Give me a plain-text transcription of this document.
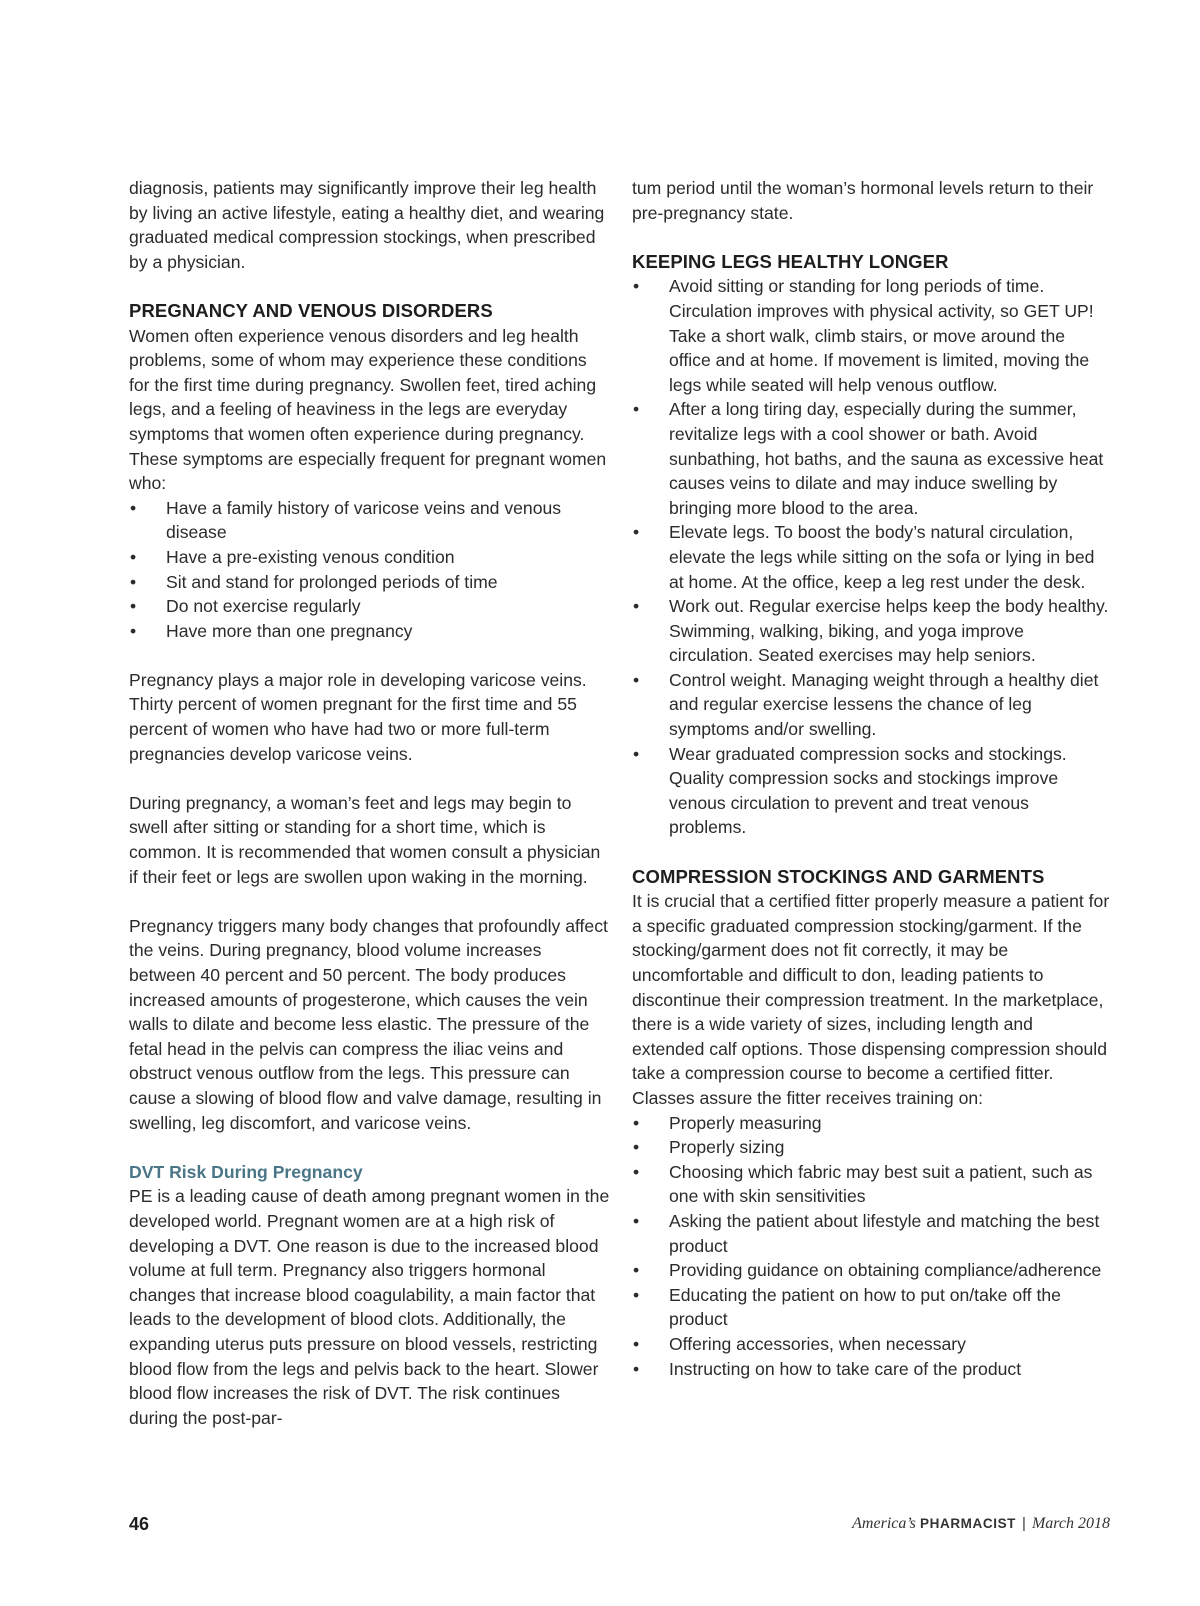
diagnosis, patients may significantly improve their leg health by living an active lifestyle, eating a healthy diet, and wearing graduated medical compression stockings, when prescribed by a physician.

PREGNANCY AND VENOUS DISORDERS

Women often experience venous disorders and leg health problems, some of whom may experience these conditions for the first time during pregnancy. Swollen feet, tired aching legs, and a feeling of heaviness in the legs are everyday symptoms that women often experience during pregnancy. These symptoms are especially frequent for pregnant women who:

• Have a family history of varicose veins and venous disease
• Have a pre-existing venous condition
• Sit and stand for prolonged periods of time
• Do not exercise regularly
• Have more than one pregnancy

Pregnancy plays a major role in developing varicose veins. Thirty percent of women pregnant for the first time and 55 percent of women who have had two or more full-term pregnancies develop varicose veins.

During pregnancy, a woman’s feet and legs may begin to swell after sitting or standing for a short time, which is common. It is recommended that women consult a physician if their feet or legs are swollen upon waking in the morning.

Pregnancy triggers many body changes that profoundly affect the veins. During pregnancy, blood volume increases between 40 percent and 50 percent. The body produces increased amounts of progesterone, which causes the vein walls to dilate and become less elastic. The pressure of the fetal head in the pelvis can compress the iliac veins and obstruct venous outflow from the legs. This pressure can cause a slowing of blood flow and valve damage, resulting in swelling, leg discomfort, and varicose veins.

DVT Risk During Pregnancy

PE is a leading cause of death among pregnant women in the developed world. Pregnant women are at a high risk of developing a DVT. One reason is due to the increased blood volume at full term. Pregnancy also triggers hormonal changes that increase blood coagulability, a main factor that leads to the development of blood clots. Additionally, the expanding uterus puts pressure on blood vessels, restricting blood flow from the legs and pelvis back to the heart. Slower blood flow increases the risk of DVT. The risk continues during the post-par-

tum period until the woman’s hormonal levels return to their pre-pregnancy state.

KEEPING LEGS HEALTHY LONGER
• Avoid sitting or standing for long periods of time. Circulation improves with physical activity, so GET UP! Take a short walk, climb stairs, or move around the office and at home. If movement is limited, moving the legs while seated will help venous outflow.
• After a long tiring day, especially during the summer, revitalize legs with a cool shower or bath. Avoid sunbathing, hot baths, and the sauna as excessive heat causes veins to dilate and may induce swelling by bringing more blood to the area.
• Elevate legs. To boost the body’s natural circulation, elevate the legs while sitting on the sofa or lying in bed at home. At the office, keep a leg rest under the desk.
• Work out. Regular exercise helps keep the body healthy. Swimming, walking, biking, and yoga improve circulation. Seated exercises may help seniors.
• Control weight. Managing weight through a healthy diet and regular exercise lessens the chance of leg symptoms and/or swelling.
• Wear graduated compression socks and stockings. Quality compression socks and stockings improve venous circulation to prevent and treat venous problems.
COMPRESSION STOCKINGS AND GARMENTS

It is crucial that a certified fitter properly measure a patient for a specific graduated compression stocking/garment. If the stocking/garment does not fit correctly, it may be uncomfortable and difficult to don, leading patients to discontinue their compression treatment. In the marketplace, there is a wide variety of sizes, including length and extended calf options. Those dispensing compression should take a compression course to become a certified fitter. Classes assure the fitter receives training on:

• Properly measuring
• Properly sizing
• Choosing which fabric may best suit a patient, such as one with skin sensitivities
• Asking the patient about lifestyle and matching the best product
• Providing guidance on obtaining compliance/adherence
• Educating the patient on how to put on/take off the product
• Offering accessories, when necessary
• Instructing on how to take care of the product
46	America’s PHARMACIST | March 2018
